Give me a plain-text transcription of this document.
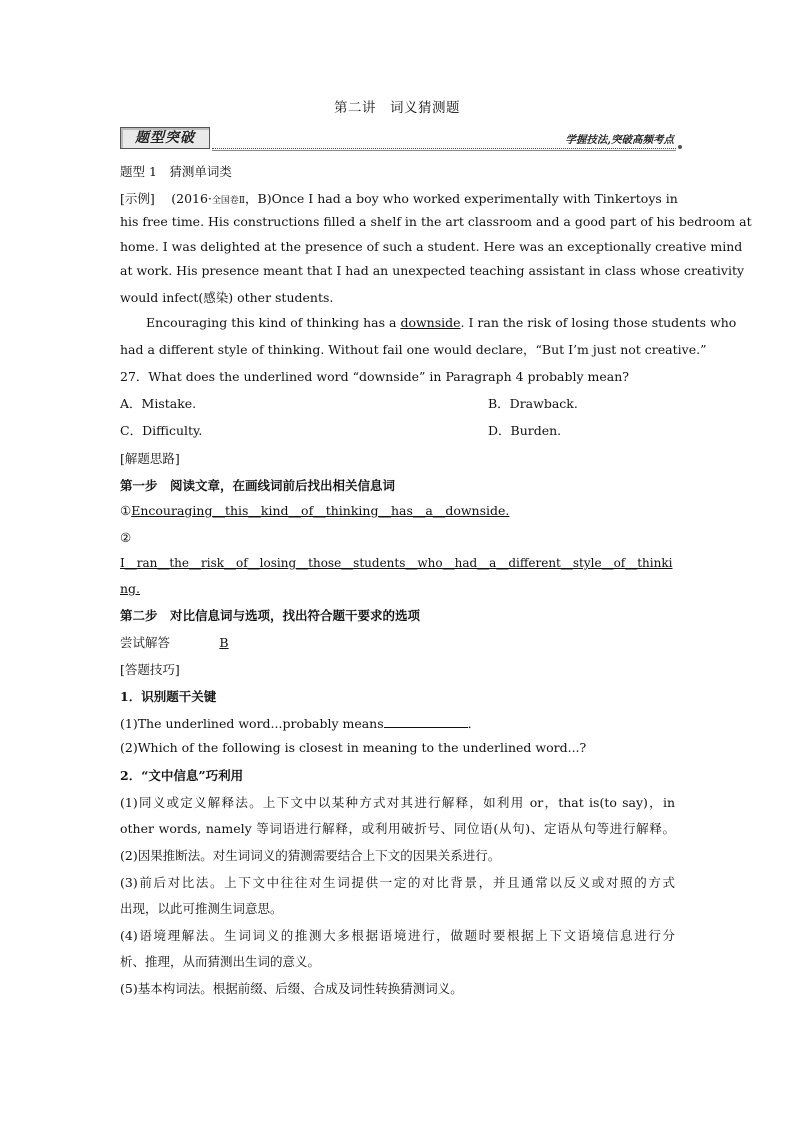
第二讲　词义猜测题
题型突破	学握技法,突破高频考点
题型 1　猜测单词类
[示例]　 (2016·全国卷Ⅱ，B)Once I had a boy who worked experimentally with Tinkertoys in
his free time. His constructions filled a shelf in the art classroom and a good part of his bedroom at
home. I was delighted at the presence of such a student. Here was an exceptionally creative mind
at work. His presence meant that I had an unexpected teaching assistant in class whose creativity
would infect(感染) other students.
Encouraging this kind of thinking has a downside. I ran the risk of losing those students who
had a different style of thinking. Without fail one would declare，“But I’m just not creative.”
27．What does the underlined word “downside” in Paragraph 4 probably mean?
A．Mistake.	B．Drawback.
C．Difficulty.	D．Burden.
[解题思路]
第一步　阅读文章，在画线词前后找出相关信息词
①Encouraging__this__kind__of__thinking__has__a__downside.
②
I__ran__the__risk__of__losing__those__students__who__had__a__different__style__of__thinki
ng.
第二步　对比信息词与选项，找出符合题干要求的选项
尝试解答	B
[答题技巧]
1．识别题干关键
(1)The underlined word...probably means	．
(2)Which of the following is closest in meaning to the underlined word...?
2．“文中信息”巧利用
(1)同义或定义解释法。上下文中以某种方式对其进行解释，如利用 or，that is(to say)，in
other words, namely 等词语进行解释，或利用破折号、同位语(从句)、定语从句等进行解释。
(2)因果推断法。对生词词义的猜测需要结合上下文的因果关系进行。
(3)前后对比法。上下文中往往对生词提供一定的对比背景，并且通常以反义或对照的方式
出现，以此可推测生词意思。
(4)语境理解法。生词词义的推测大多根据语境进行，做题时要根据上下文语境信息进行分
析、推理，从而猜测出生词的意义。
(5)基本构词法。根据前缀、后缀、合成及词性转换猜测词义。
